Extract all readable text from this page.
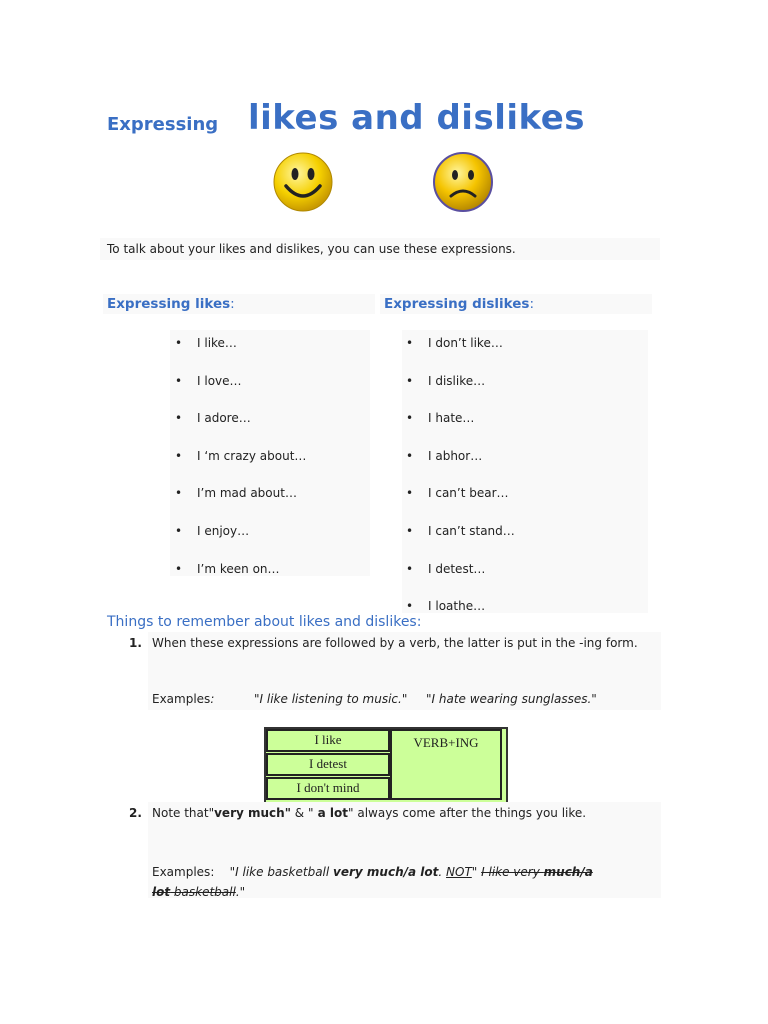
Expressing likes and dislikes
To talk about your likes and dislikes, you can use these expressions.
Expressing likes:	Expressing dislikes:
• I like…
• I love…
• I adore…
• I ‘m crazy about…
• I’m mad about…
• I enjoy…
• I’m keen on…
• I don’t like…
• I dislike…
• I hate…
• I abhor…
• I can’t bear…
• I can’t stand…
• I detest…
• I loathe…
Things to remember about likes and dislikes:
1. When these expressions are followed by a verb, the latter is put in the -ing form.
Examples:	"I like listening to music." "I hate wearing sunglasses."
I like
I detest
I don't mind
VERB+ING
2. Note that"very much" & " a lot" always come after the things you like.
Examples: "I like basketball very much/a lot. NOT" I like very much/a
lot basketball."
